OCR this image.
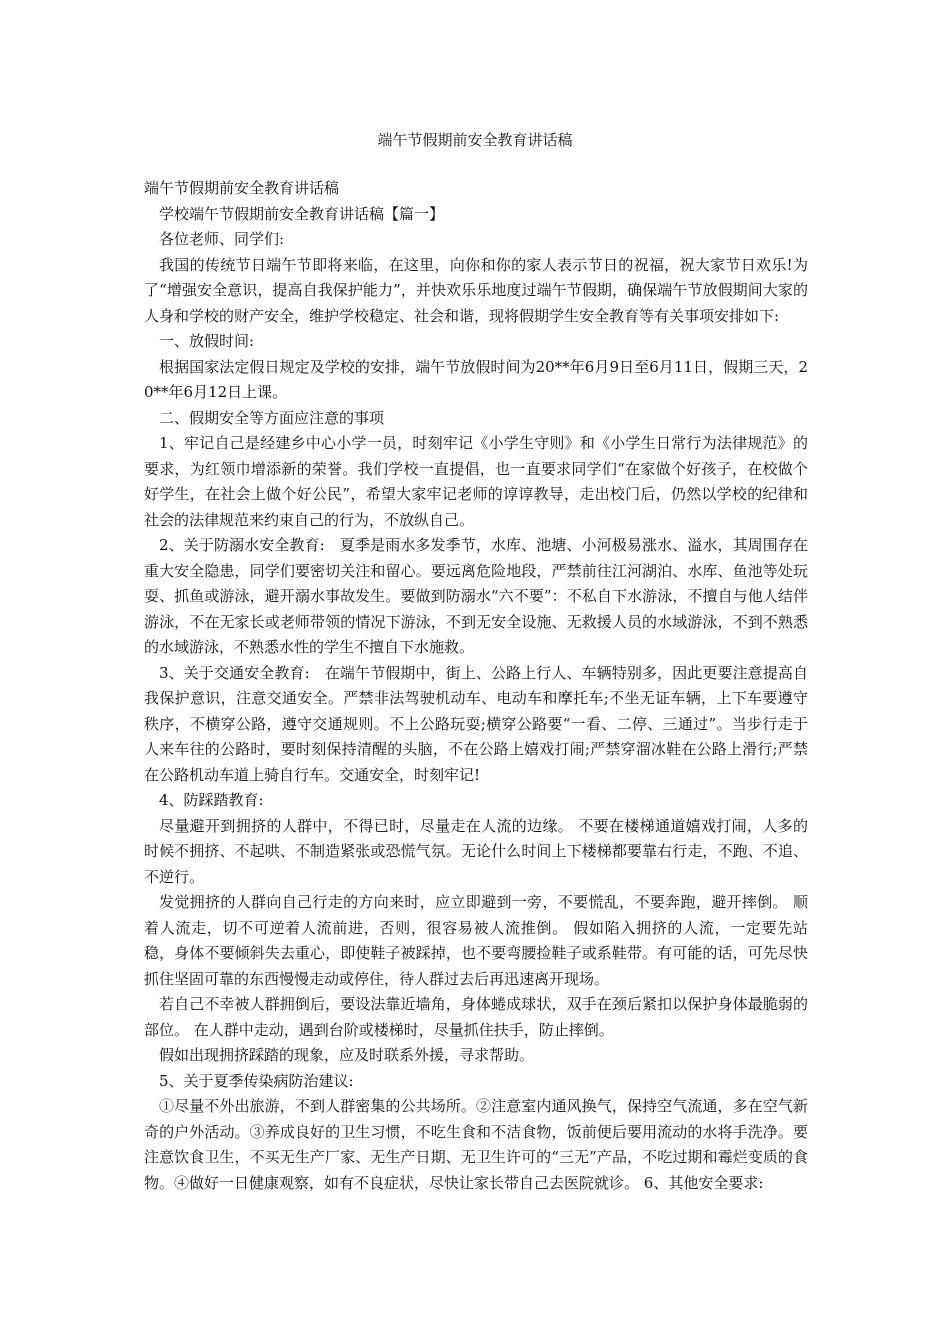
端午节假期前安全教育讲话稿

端午节假期前安全教育讲话稿

学校端午节假期前安全教育讲话稿【篇一】

各位老师、同学们:

我国的传统节日端午节即将来临，在这里，向你和你的家人表示节日的祝福，祝大家节日欢乐!为了“增强安全意识，提高自我保护能力”，并快欢乐乐地度过端午节假期，确保端午节放假期间大家的人身和学校的财产安全，维护学校稳定、社会和谐，现将假期学生安全教育等有关事项安排如下:

一、放假时间:

根据国家法定假日规定及学校的安排，端午节放假时间为20**年6月9日至6月11日，假期三天，20**年6月12日上课。

二、假期安全等方面应注意的事项

1、牢记自己是经建乡中心小学一员，时刻牢记《小学生守则》和《小学生日常行为法律规范》的要求，为红领巾增添新的荣誉。我们学校一直提倡，也一直要求同学们“在家做个好孩子，在校做个好学生，在社会上做个好公民”，希望大家牢记老师的谆谆教导，走出校门后，仍然以学校的纪律和社会的法律规范来约束自己的行为，不放纵自己。

2、关于防溺水安全教育:　夏季是雨水多发季节，水库、池塘、小河极易涨水、溢水，其周围存在重大安全隐患，同学们要密切关注和留心。要远离危险地段，严禁前往江河湖泊、水库、鱼池等处玩耍、抓鱼或游泳，避开溺水事故发生。要做到防溺水“六不要”：不私自下水游泳，不擅自与他人结伴游泳，不在无家长或老师带领的情况下游泳，不到无安全设施、无救援人员的水域游泳，不到不熟悉的水域游泳，不熟悉水性的学生不擅自下水施救。

3、关于交通安全教育:　在端午节假期中，街上、公路上行人、车辆特别多，因此更要注意提高自我保护意识，注意交通安全。严禁非法驾驶机动车、电动车和摩托车;不坐无证车辆，上下车要遵守秩序，不横穿公路，遵守交通规则。不上公路玩耍;横穿公路要“一看、二停、三通过”。当步行走于人来车往的公路时，要时刻保持清醒的头脑，不在公路上嬉戏打闹;严禁穿溜冰鞋在公路上滑行;严禁在公路机动车道上骑自行车。交通安全，时刻牢记!

4、防踩踏教育:

尽量避开到拥挤的人群中，不得已时，尽量走在人流的边缘。 不要在楼梯通道嬉戏打闹，人多的时候不拥挤、不起哄、不制造紧张或恐慌气氛。无论什么时间上下楼梯都要靠右行走，不跑、不追、不逆行。

发觉拥挤的人群向自己行走的方向来时，应立即避到一旁，不要慌乱，不要奔跑，避开摔倒。 顺着人流走，切不可逆着人流前进，否则，很容易被人流推倒。 假如陷入拥挤的人流，一定要先站稳，身体不要倾斜失去重心，即使鞋子被踩掉，也不要弯腰捡鞋子或系鞋带。有可能的话，可先尽快抓住坚固可靠的东西慢慢走动或停住，待人群过去后再迅速离开现场。

若自己不幸被人群拥倒后，要设法靠近墙角，身体蜷成球状，双手在颈后紧扣以保护身体最脆弱的部位。 在人群中走动，遇到台阶或楼梯时，尽量抓住扶手，防止摔倒。

假如出现拥挤踩踏的现象，应及时联系外援，寻求帮助。

5、关于夏季传染病防治建议:

①尽量不外出旅游，不到人群密集的公共场所。②注意室内通风换气，保持空气流通，多在空气新奇的户外活动。③养成良好的卫生习惯，不吃生食和不洁食物，饭前便后要用流动的水将手洗净。要注意饮食卫生，不买无生产厂家、无生产日期、无卫生许可的“三无”产品，不吃过期和霉烂变质的食物。④做好一日健康观察，如有不良症状，尽快让家长带自己去医院就诊。 6、其他安全要求:
